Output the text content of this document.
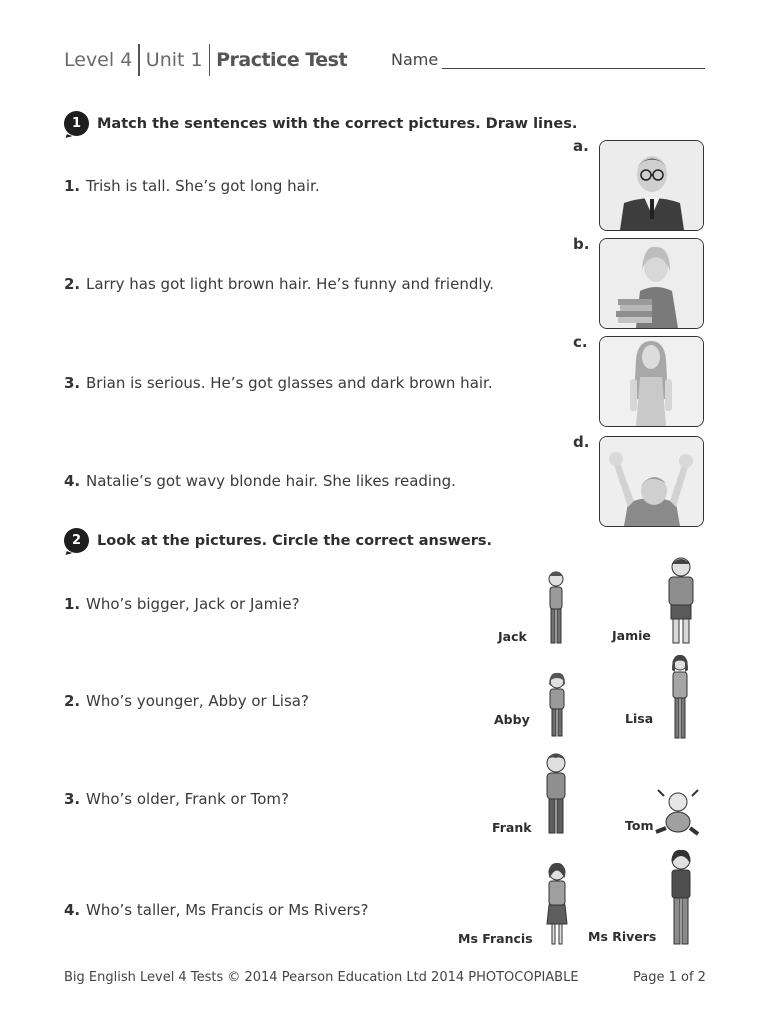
Level 4 Unit 1 Practice Test	Name
1	Match the sentences with the correct pictures. Draw lines.
1. Trish is tall. She’s got long hair.
2. Larry has got light brown hair. He’s funny and friendly.
3. Brian is serious. He’s got glasses and dark brown hair.
4. Natalie’s got wavy blonde hair. She likes reading.
a.
b.
c.
d.
2	Look at the pictures. Circle the correct answers.
1. Who’s bigger, Jack or Jamie?
2. Who’s younger, Abby or Lisa?
3. Who’s older, Frank or Tom?
4. Who’s taller, Ms Francis or Ms Rivers?
Jack	Jamie
Abby	Lisa
Frank	Tom
Ms Francis	Ms Rivers
Big English Level 4 Tests © 2014 Pearson Education Ltd 2014 PHOTOCOPIABLE	Page 1 of 2
